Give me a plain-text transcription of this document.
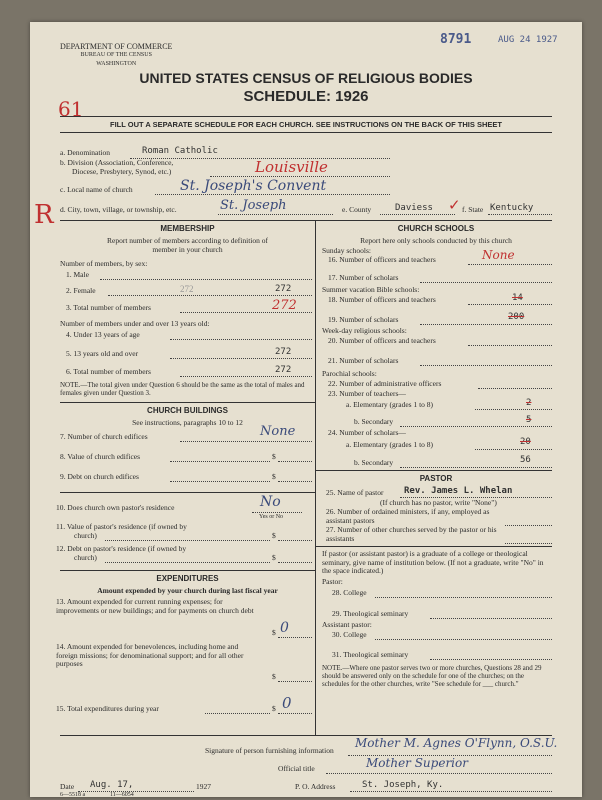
DEPARTMENT OF COMMERCE
BUREAU OF THE CENSUS
WASHINGTON
8791	AUG 24 1927
UNITED STATES CENSUS OF RELIGIOUS BODIES
SCHEDULE: 1926
61
R
FILL OUT A SEPARATE SCHEDULE FOR EACH CHURCH. SEE INSTRUCTIONS ON THE BACK OF THIS SHEET
a. Denomination	Roman Catholic
b. Division (Association, Conference,
Diocese, Presbytery, Synod, etc.)	Louisville
c. Local name of church	St. Joseph's Convent
d. City, town, village, or township, etc.	St. Joseph	e. County	Daviess ✓ f. State Kentucky
MEMBERSHIP
Report number of members according to definition of
member in your church
Number of members, by sex:
1. Male
2. Female	272	272
3. Total number of members	272
Number of members under and over 13 years old:
4. Under 13 years of age
5. 13 years old and over	272
6. Total number of members	272
NOTE.—The total given under Question 6 should be the same as the total of males and females given under Question 3.
CHURCH BUILDINGS
See instructions, paragraphs 10 to 12
7. Number of church edifices	None
8. Value of church edifices	$
9. Debt on church edifices	$
10. Does church own pastor's residence	No
Yes or No
11. Value of pastor's residence (if owned by
church)	$
12. Debt on pastor's residence (if owned by
church)	$
EXPENDITURES
Amount expended by your church during last fiscal year
13. Amount expended for current running expenses; for improvements or new buildings; and for payments on church debt
$ 0
14. Amount expended for benevolences, including home and foreign missions; for denominational support; and for all other purposes
$
15. Total expenditures during year	$ 0
CHURCH SCHOOLS
Report here only schools conducted by this church
Sunday schools:
16. Number of officers and teachers	None
17. Number of scholars
Summer vacation Bible schools:
18. Number of officers and teachers	14
19. Number of scholars	200
Week-day religious schools:
20. Number of officers and teachers
21. Number of scholars
Parochial schools:
22. Number of administrative officers
23. Number of teachers—
a. Elementary (grades 1 to 8)	2
b. Secondary	5
24. Number of scholars—
a. Elementary (grades 1 to 8)	20
b. Secondary	56
PASTOR
25. Name of pastor Rev. James L. Whelan
(If church has no pastor, write "None")
26. Number of ordained ministers, if any, employed as assistant pastors
27. Number of other churches served by the pastor or his assistants
If pastor (or assistant pastor) is a graduate of a college or theological seminary, give name of institution below. (If not a graduate, write "No" in the space indicated.)
Pastor:
28. College
29. Theological seminary
Assistant pastor:
30. College
31. Theological seminary
NOTE.—Where one pastor serves two or more churches, Questions 28 and 29 should be answered only on the schedule for one of the churches; on the schedules for the other churches, write "See schedule for ___ church."
Signature of person furnishing information
Mother M. Agnes O'Flynn, O.S.U.
Official title	Mother Superior
Date Aug. 17,	1927	P. O. Address	St. Joseph, Ky.
6—5518 a	11—6054
